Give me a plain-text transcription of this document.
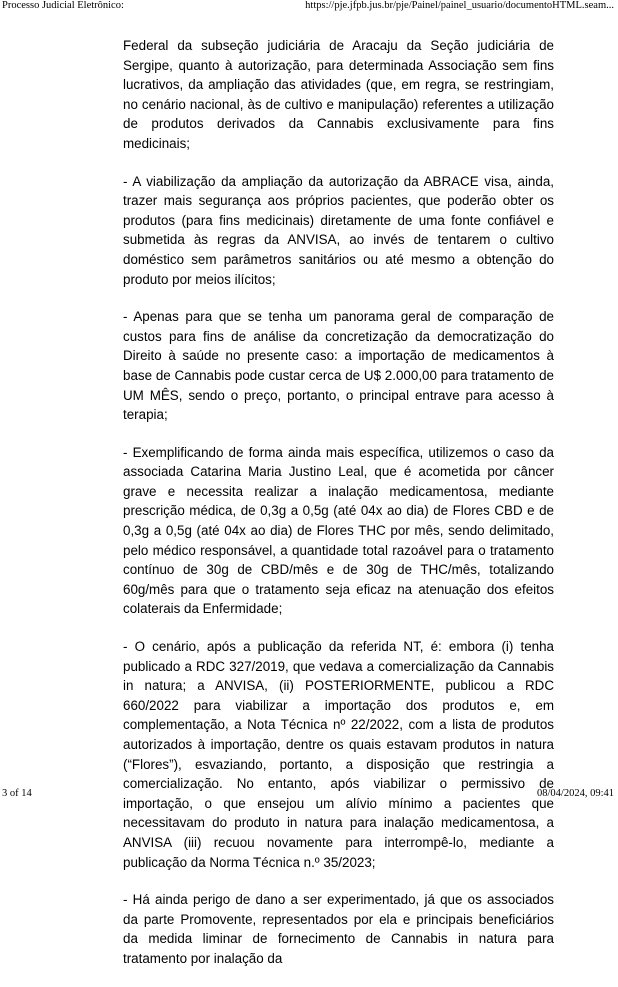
Processo Judicial Eletrônico:	https://pje.jfpb.jus.br/pje/Painel/painel_usuario/documentoHTML.seam...

Federal da subseção judiciária de Aracaju da Seção judiciária de Sergipe, quanto à autorização, para determinada Associação sem fins lucrativos, da ampliação das atividades (que, em regra, se restringiam, no cenário nacional, às de cultivo e manipulação) referentes a utilização de produtos derivados da Cannabis exclusivamente para fins medicinais;

- A viabilização da ampliação da autorização da ABRACE visa, ainda, trazer mais segurança aos próprios pacientes, que poderão obter os produtos (para fins medicinais) diretamente de uma fonte confiável e submetida às regras da ANVISA, ao invés de tentarem o cultivo doméstico sem parâmetros sanitários ou até mesmo a obtenção do produto por meios ilícitos;

- Apenas para que se tenha um panorama geral de comparação de custos para fins de análise da concretização da democratização do Direito à saúde no presente caso: a importação de medicamentos à base de Cannabis pode custar cerca de U$ 2.000,00 para tratamento de UM MÊS, sendo o preço, portanto, o principal entrave para acesso à terapia;

- Exemplificando de forma ainda mais específica, utilizemos o caso da associada Catarina Maria Justino Leal, que é acometida por câncer grave e necessita realizar a inalação medicamentosa, mediante prescrição médica, de 0,3g a 0,5g (até 04x ao dia) de Flores CBD e de 0,3g a 0,5g (até 04x ao dia) de Flores THC por mês, sendo delimitado, pelo médico responsável, a quantidade total razoável para o tratamento contínuo de 30g de CBD/mês e de 30g de THC/mês, totalizando 60g/mês para que o tratamento seja eficaz na atenuação dos efeitos colaterais da Enfermidade;

- O cenário, após a publicação da referida NT, é: embora (i) tenha publicado a RDC 327/2019, que vedava a comercialização da Cannabis in natura; a ANVISA, (ii) POSTERIORMENTE, publicou a RDC 660/2022 para viabilizar a importação dos produtos e, em complementação, a Nota Técnica nº 22/2022, com a lista de produtos autorizados à importação, dentre os quais estavam produtos in natura (“Flores”), esvaziando, portanto, a disposição que restringia a comercialização. No entanto, após viabilizar o permissivo de importação, o que ensejou um alívio mínimo a pacientes que necessitavam do produto in natura para inalação medicamentosa, a ANVISA (iii) recuou novamente para interrompê-lo, mediante a publicação da Norma Técnica n.º 35/2023;

- Há ainda perigo de dano a ser experimentado, já que os associados da parte Promovente, representados por ela e principais beneficiários da medida liminar de fornecimento de Cannabis in natura para tratamento por inalação da

3 of 14	08/04/2024, 09:41
